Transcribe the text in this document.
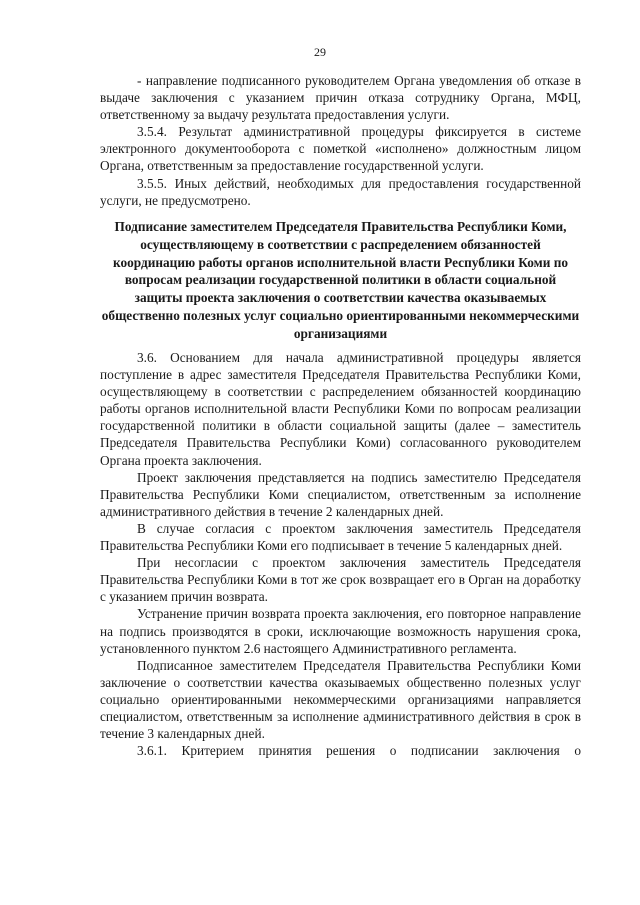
29

- направление подписанного руководителем Органа уведомления об отказе в выдаче заключения с указанием причин отказа сотруднику Органа, МФЦ, ответственному за выдачу результата предоставления услуги.

3.5.4. Результат административной процедуры фиксируется в системе электронного документооборота с пометкой «исполнено» должностным лицом Органа, ответственным за предоставление государственной услуги.

3.5.5. Иных действий, необходимых для предоставления государственной услуги, не предусмотрено.

Подписание заместителем Председателя Правительства Республики Коми, осуществляющему в соответствии с распределением обязанностей координацию работы органов исполнительной власти Республики Коми по вопросам реализации государственной политики в области социальной защиты проекта заключения о соответствии качества оказываемых общественно полезных услуг социально ориентированными некоммерческими организациями

3.6. Основанием для начала административной процедуры является поступление в адрес заместителя Председателя Правительства Республики Коми, осуществляющему в соответствии с распределением обязанностей координацию работы органов исполнительной власти Республики Коми по вопросам реализации государственной политики в области социальной защиты (далее – заместитель Председателя Правительства Республики Коми) согласованного руководителем Органа проекта заключения.

Проект заключения представляется на подпись заместителю Председателя Правительства Республики Коми специалистом, ответственным за исполнение административного действия в течение 2 календарных дней.

В случае согласия с проектом заключения заместитель Председателя Правительства Республики Коми его подписывает в течение 5 календарных дней.

При несогласии с проектом заключения заместитель Председателя Правительства Республики Коми в тот же срок возвращает его в Орган на доработку с указанием причин возврата.

Устранение причин возврата проекта заключения, его повторное направление на подпись производятся в сроки, исключающие возможность нарушения срока, установленного пунктом 2.6 настоящего Административного регламента.

Подписанное заместителем Председателя Правительства Республики Коми заключение о соответствии качества оказываемых общественно полезных услуг социально ориентированными некоммерческими организациями направляется специалистом, ответственным за исполнение административного действия в срок в течение 3 календарных дней.

3.6.1. Критерием принятия решения о подписании заключения о
